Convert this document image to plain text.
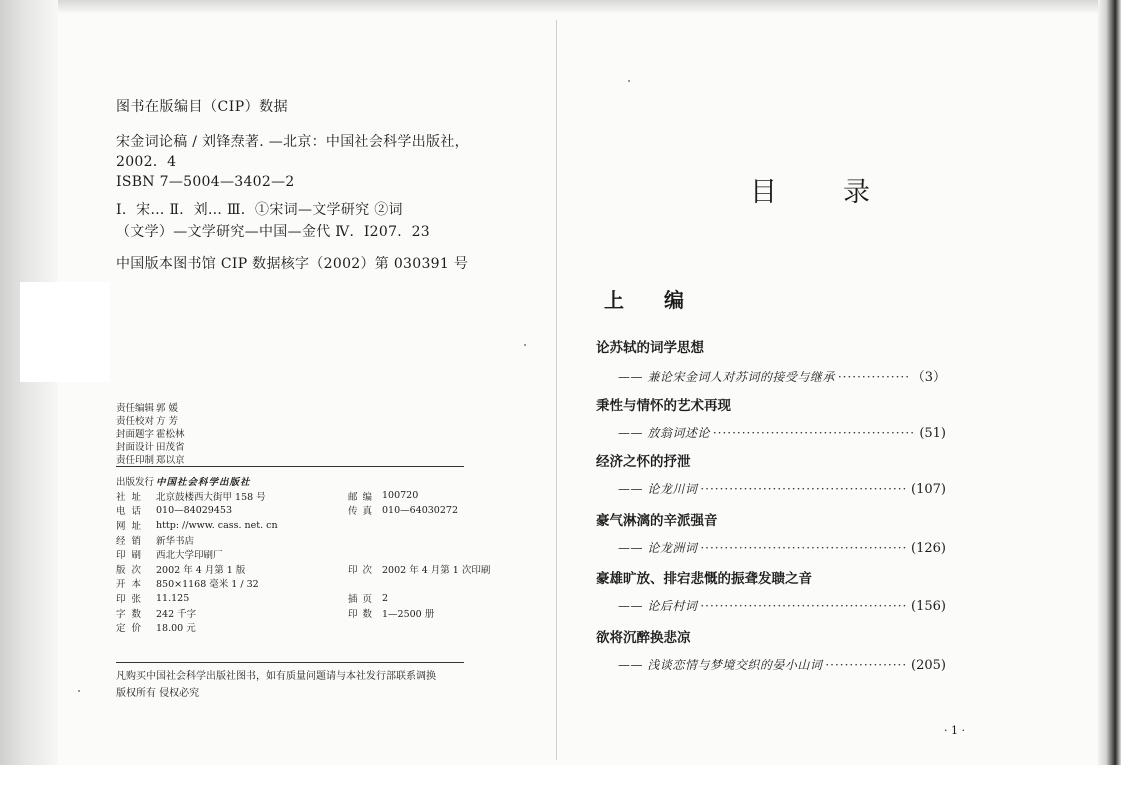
图书在版编目（CIP）数据
宋金词论稿 / 刘锋焘著. —北京：中国社会科学出版社，
2002．4
ISBN 7—5004—3402—2
Ⅰ．宋… Ⅱ．刘… Ⅲ．①宋词—文学研究 ②词
（文学）—文学研究—中国—金代 Ⅳ．I207．23
中国版本图书馆 CIP 数据核字（2002）第 030391 号
责任编辑 郭 媛
责任校对 方 芳
封面题字 霍松林
封面设计 田茂省
责任印制 郑以京
出版发行	中国社会科学出版社		
社址	北京鼓楼西大街甲 158 号	邮 编	100720
电话	010—84029453	传 真	010—64030272
网址	http: //www. cass. net. cn		
经销	新华书店		
印刷	西北大学印刷厂		
版次	2002 年 4 月第 1 版	印 次	2002 年 4 月第 1 次印刷
开本	850×1168 毫米 1 / 32		
印张	11.125	插 页	2
字数	242 千字	印 数	1—2500 册
定价	18.00 元		
凡购买中国社会科学出版社图书，如有质量问题请与本社发行部联系调换
版权所有 侵权必究
目 录
上 编
论苏轼的词学思想
—— 兼论宋金词人对苏词的接受与继承 ·····	（3）
秉性与情怀的艺术再现
—— 放翁词述论 ·····	(51)
经济之怀的抒泄
—— 论龙川词 ·····	(107)
豪气淋漓的辛派强音
—— 论龙洲词 ·····	(126)
豪雄旷放、排宕悲慨的振聋发聩之音
—— 论后村词 ·····	(156)
欲将沉醉换悲凉
—— 浅谈恋情与梦境交织的晏小山词 ·····	(205)
· 1 ·
